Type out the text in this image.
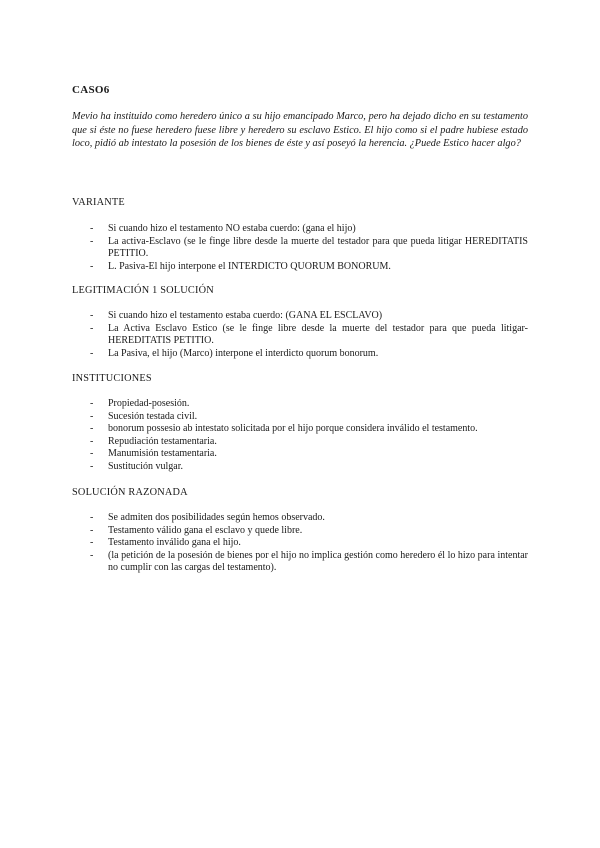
CASO6
Mevio ha instituido como heredero único a su hijo emancipado Marco, pero ha dejado dicho en su testamento que si éste no fuese heredero fuese libre y heredero su esclavo Estico. El hijo como si el padre hubiese estado loco, pidió ab intestato la posesión de los bienes de éste y así poseyó la herencia. ¿Puede Estico hacer algo?
VARIANTE
- Si cuando hizo el testamento NO estaba cuerdo: (gana el hijo)
- La activa-Esclavo (se le finge libre desde la muerte del testador para que pueda litigar HEREDITATIS PETITIO.
- L. Pasiva-El hijo interpone el INTERDICTO QUORUM BONORUM.
LEGITIMACIÓN 1 SOLUCIÓN
- Si cuando hizo el testamento estaba cuerdo: (GANA EL ESCLAVO)
- La Activa Esclavo Estico (se le finge libre desde la muerte del testador para que pueda litigar- HEREDITATIS PETITIO.
- La Pasiva, el hijo (Marco) interpone el interdicto quorum bonorum.
INSTITUCIONES
- Propiedad-posesión.
- Sucesión testada civil.
- bonorum possesio ab intestato solicitada por el hijo porque considera inválido el testamento.
- Repudiación testamentaria.
- Manumisión testamentaria.
- Sustitución vulgar.
SOLUCIÓN RAZONADA
- Se admiten dos posibilidades según hemos observado.
- Testamento válido gana el esclavo y quede libre.
- Testamento inválido gana el hijo.
- (la petición de la posesión de bienes por el hijo no implica gestión como heredero él lo hizo para intentar no cumplir con las cargas del testamento).
